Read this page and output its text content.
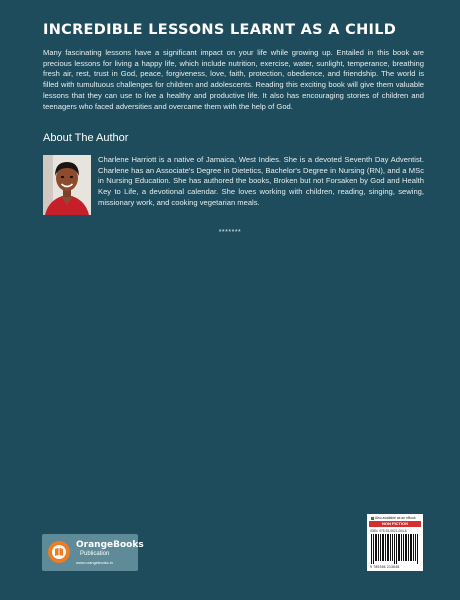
INCREDIBLE LESSONS LEARNT AS A CHILD

Many fascinating lessons have a significant impact on your life while growing up. Entailed in this book are precious lessons for living a happy life, which include nutrition, exercise, water, sunlight, temperance, breathing fresh air, rest, trust in God, peace, forgiveness, love, faith, protection, obedience, and friendship. The world is filled with tumultuous challenges for children and adolescents. Reading this exciting book will give them valuable lessons that they can use to live a healthy and productive life. It also has encouraging stories of children and teenagers who faced adversities and overcame them with the help of God.

About The Author

Charlene Harriott is a native of Jamaica, West Indies. She is a devoted Seventh Day Adventist. Charlene has an Associate's Degree in Dietetics, Bachelor's Degree in Nursing (RN), and a MSc in Nursing Education. She has authored the books, Broken but not Forsaken by God and Health Key to Life, a devotional calendar. She loves working with children, reading, singing, sewing, missionary work, and cooking vegetarian meals.

*******
OrangeBooks
Publication
www.orangebooks.in
Also available as an eBook
NON FICTION
ISBN: 978-93-5621-064-8
9 789356 213648
